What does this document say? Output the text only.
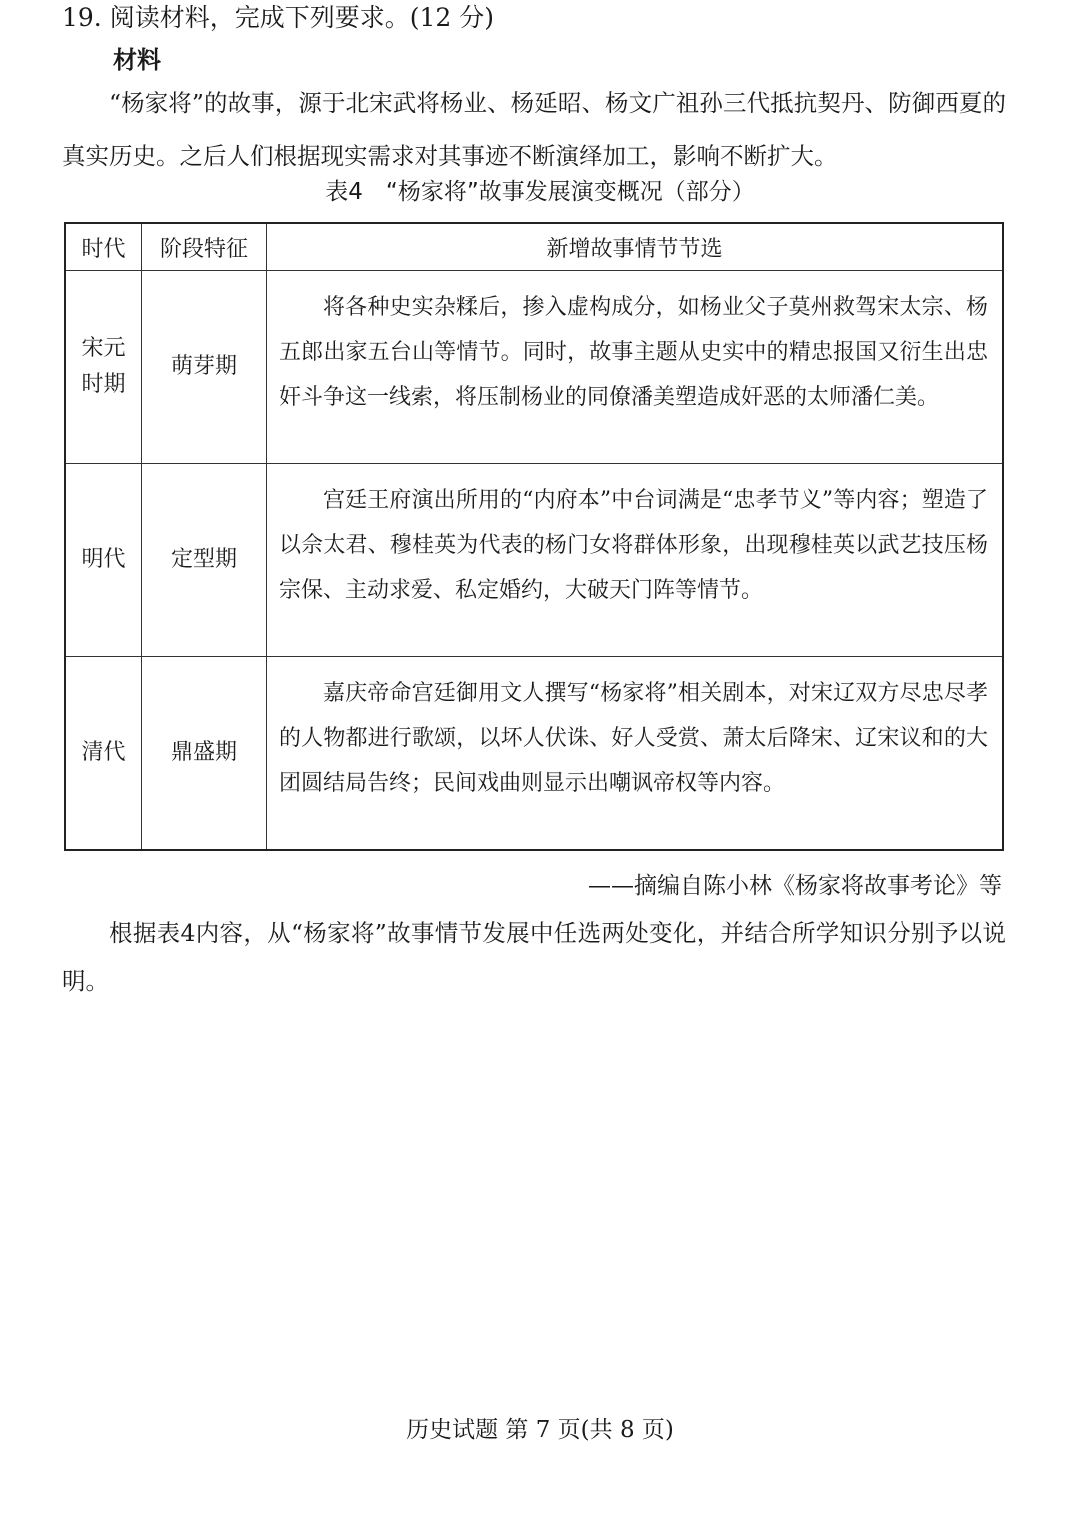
19. 阅读材料，完成下列要求。(12 分)
材料
“杨家将”的故事，源于北宋武将杨业、杨延昭、杨文广祖孙三代抵抗契丹、防御西夏的真实历史。之后人们根据现实需求对其事迹不断演绎加工，影响不断扩大。
表4　“杨家将”故事发展演变概况（部分）
时代	阶段特征	新增故事情节节选

宋元时期	萌芽期	将各种史实杂糅后，掺入虚构成分，如杨业父子莫州救驾宋太宗、杨五郎出家五台山等情节。同时，故事主题从史实中的精忠报国又衍生出忠奸斗争这一线索，将压制杨业的同僚潘美塑造成奸恶的太师潘仁美。
明代	定型期	宫廷王府演出所用的“内府本”中台词满是“忠孝节义”等内容；塑造了以佘太君、穆桂英为代表的杨门女将群体形象，出现穆桂英以武艺技压杨宗保、主动求爱、私定婚约，大破天门阵等情节。
清代	鼎盛期	嘉庆帝命宫廷御用文人撰写“杨家将”相关剧本，对宋辽双方尽忠尽孝的人物都进行歌颂，以坏人伏诛、好人受赏、萧太后降宋、辽宋议和的大团圆结局告终；民间戏曲则显示出嘲讽帝权等内容。
——摘编自陈小林《杨家将故事考论》等
根据表4内容，从“杨家将”故事情节发展中任选两处变化，并结合所学知识分别予以说明。
历史试题 第 7 页(共 8 页)
